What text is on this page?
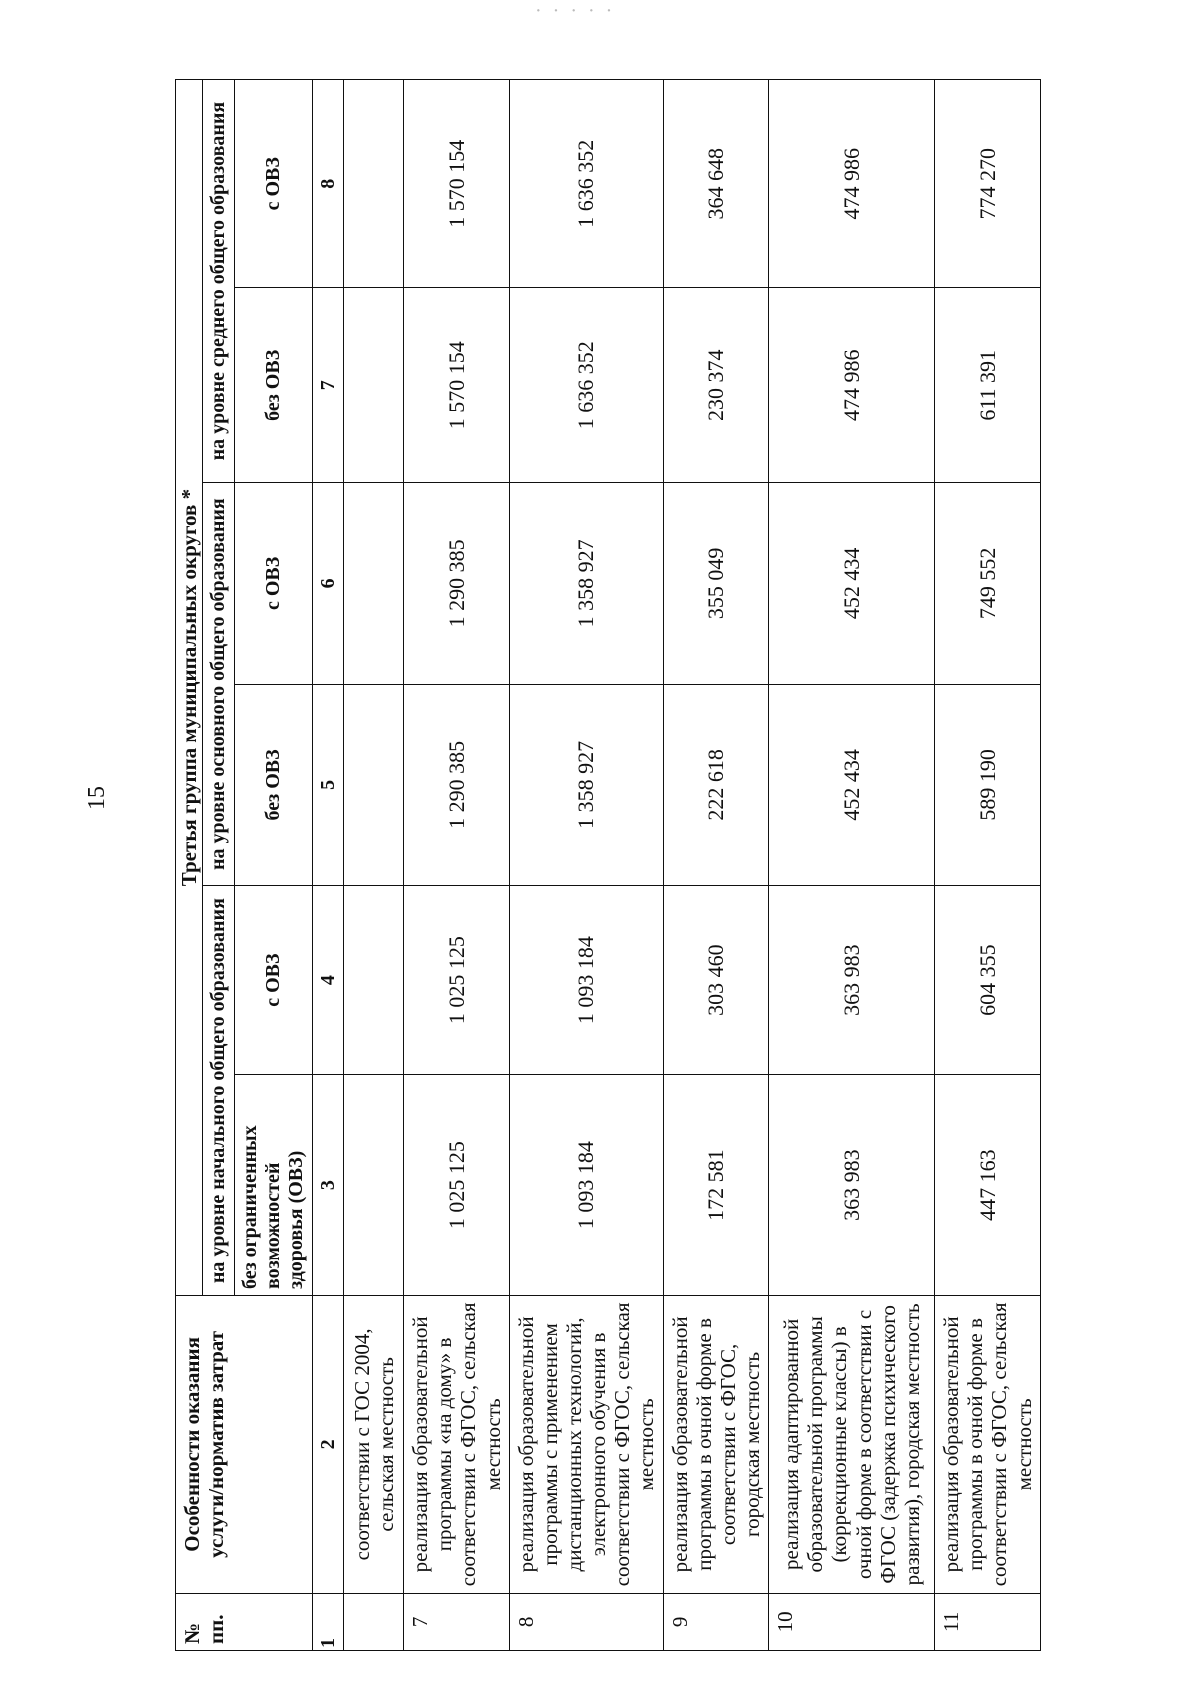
· · · · ·
15
№ пп.	Особенности оказания услуги/норматив затрат	Третья группа муниципальных округов *					
		на уровне начального общего образования		на уровне основного общего образования		на уровне среднего общего образования	
		без ограниченных возможностей здоровья (ОВЗ)	с ОВЗ	без ОВЗ	с ОВЗ	без ОВЗ	с ОВЗ
1	2	3	4	5	6	7	8
	соответствии с ГОС 2004, сельская местность						
7	реализация образовательной программы «на дому» в соответствии с ФГОС, сельская местность	1 025 125	1 025 125	1 290 385	1 290 385	1 570 154	1 570 154
8	реализация образовательной программы с применением дистанционных технологий, электронного обучения в соответствии с ФГОС, сельская местность	1 093 184	1 093 184	1 358 927	1 358 927	1 636 352	1 636 352
9	реализация образовательной программы в очной форме в соответствии с ФГОС, городская местность	172 581	303 460	222 618	355 049	230 374	364 648
10	реализация адаптированной образовательной программы (коррекционные классы) в очной форме в соответствии с ФГОС (задержка психического развития), городская местность	363 983	363 983	452 434	452 434	474 986	474 986
11	реализация образовательной программы в очной форме в соответствии с ФГОС, сельская местность	447 163	604 355	589 190	749 552	611 391	774 270
